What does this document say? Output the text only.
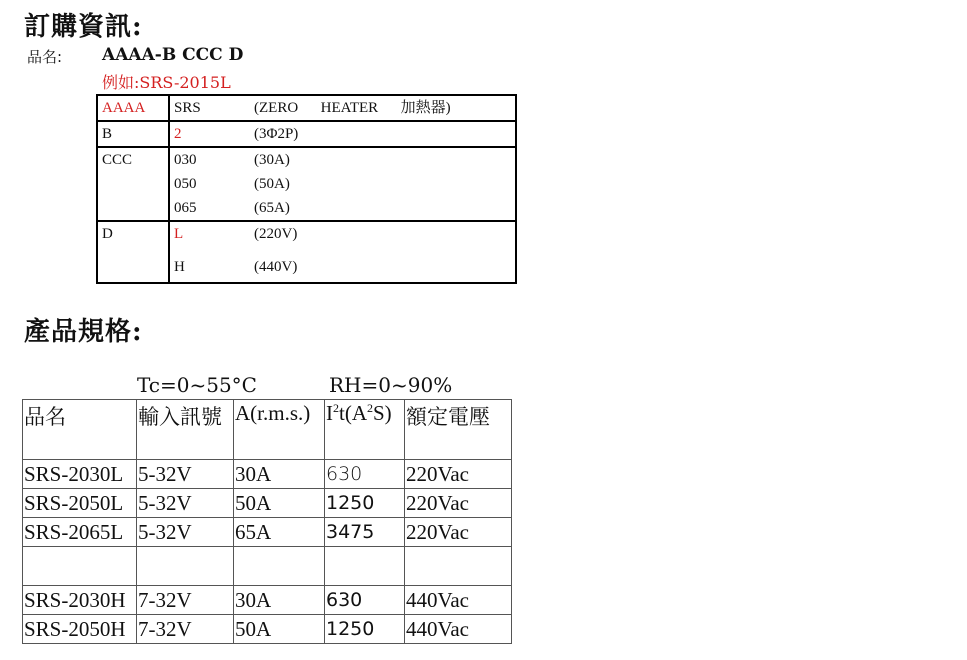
訂購資訊:
品名: AAAA-B CCC D
例如:SRS-2015L
AAAA	SRS	(ZERO      HEATER      加熱器)
B	2	(3Φ2P)
CCC	030	(30A)
	050	(50A)
	065	(65A)
D	L	(220V)
	H	(440V)
產品規格:
Tc=0~55°C	RH=0~90%
品名	輸入訊號	A(r.m.s.)	$I^2t(A^2S)$	額定電壓
SRS-2030L	5-32V	30A	630	220Vac
SRS-2050L	5-32V	50A	1250	220Vac
SRS-2065L	5-32V	65A	3475	220Vac

SRS-2030H	7-32V	30A	630	440Vac
SRS-2050H	7-32V	50A	1250	440Vac
